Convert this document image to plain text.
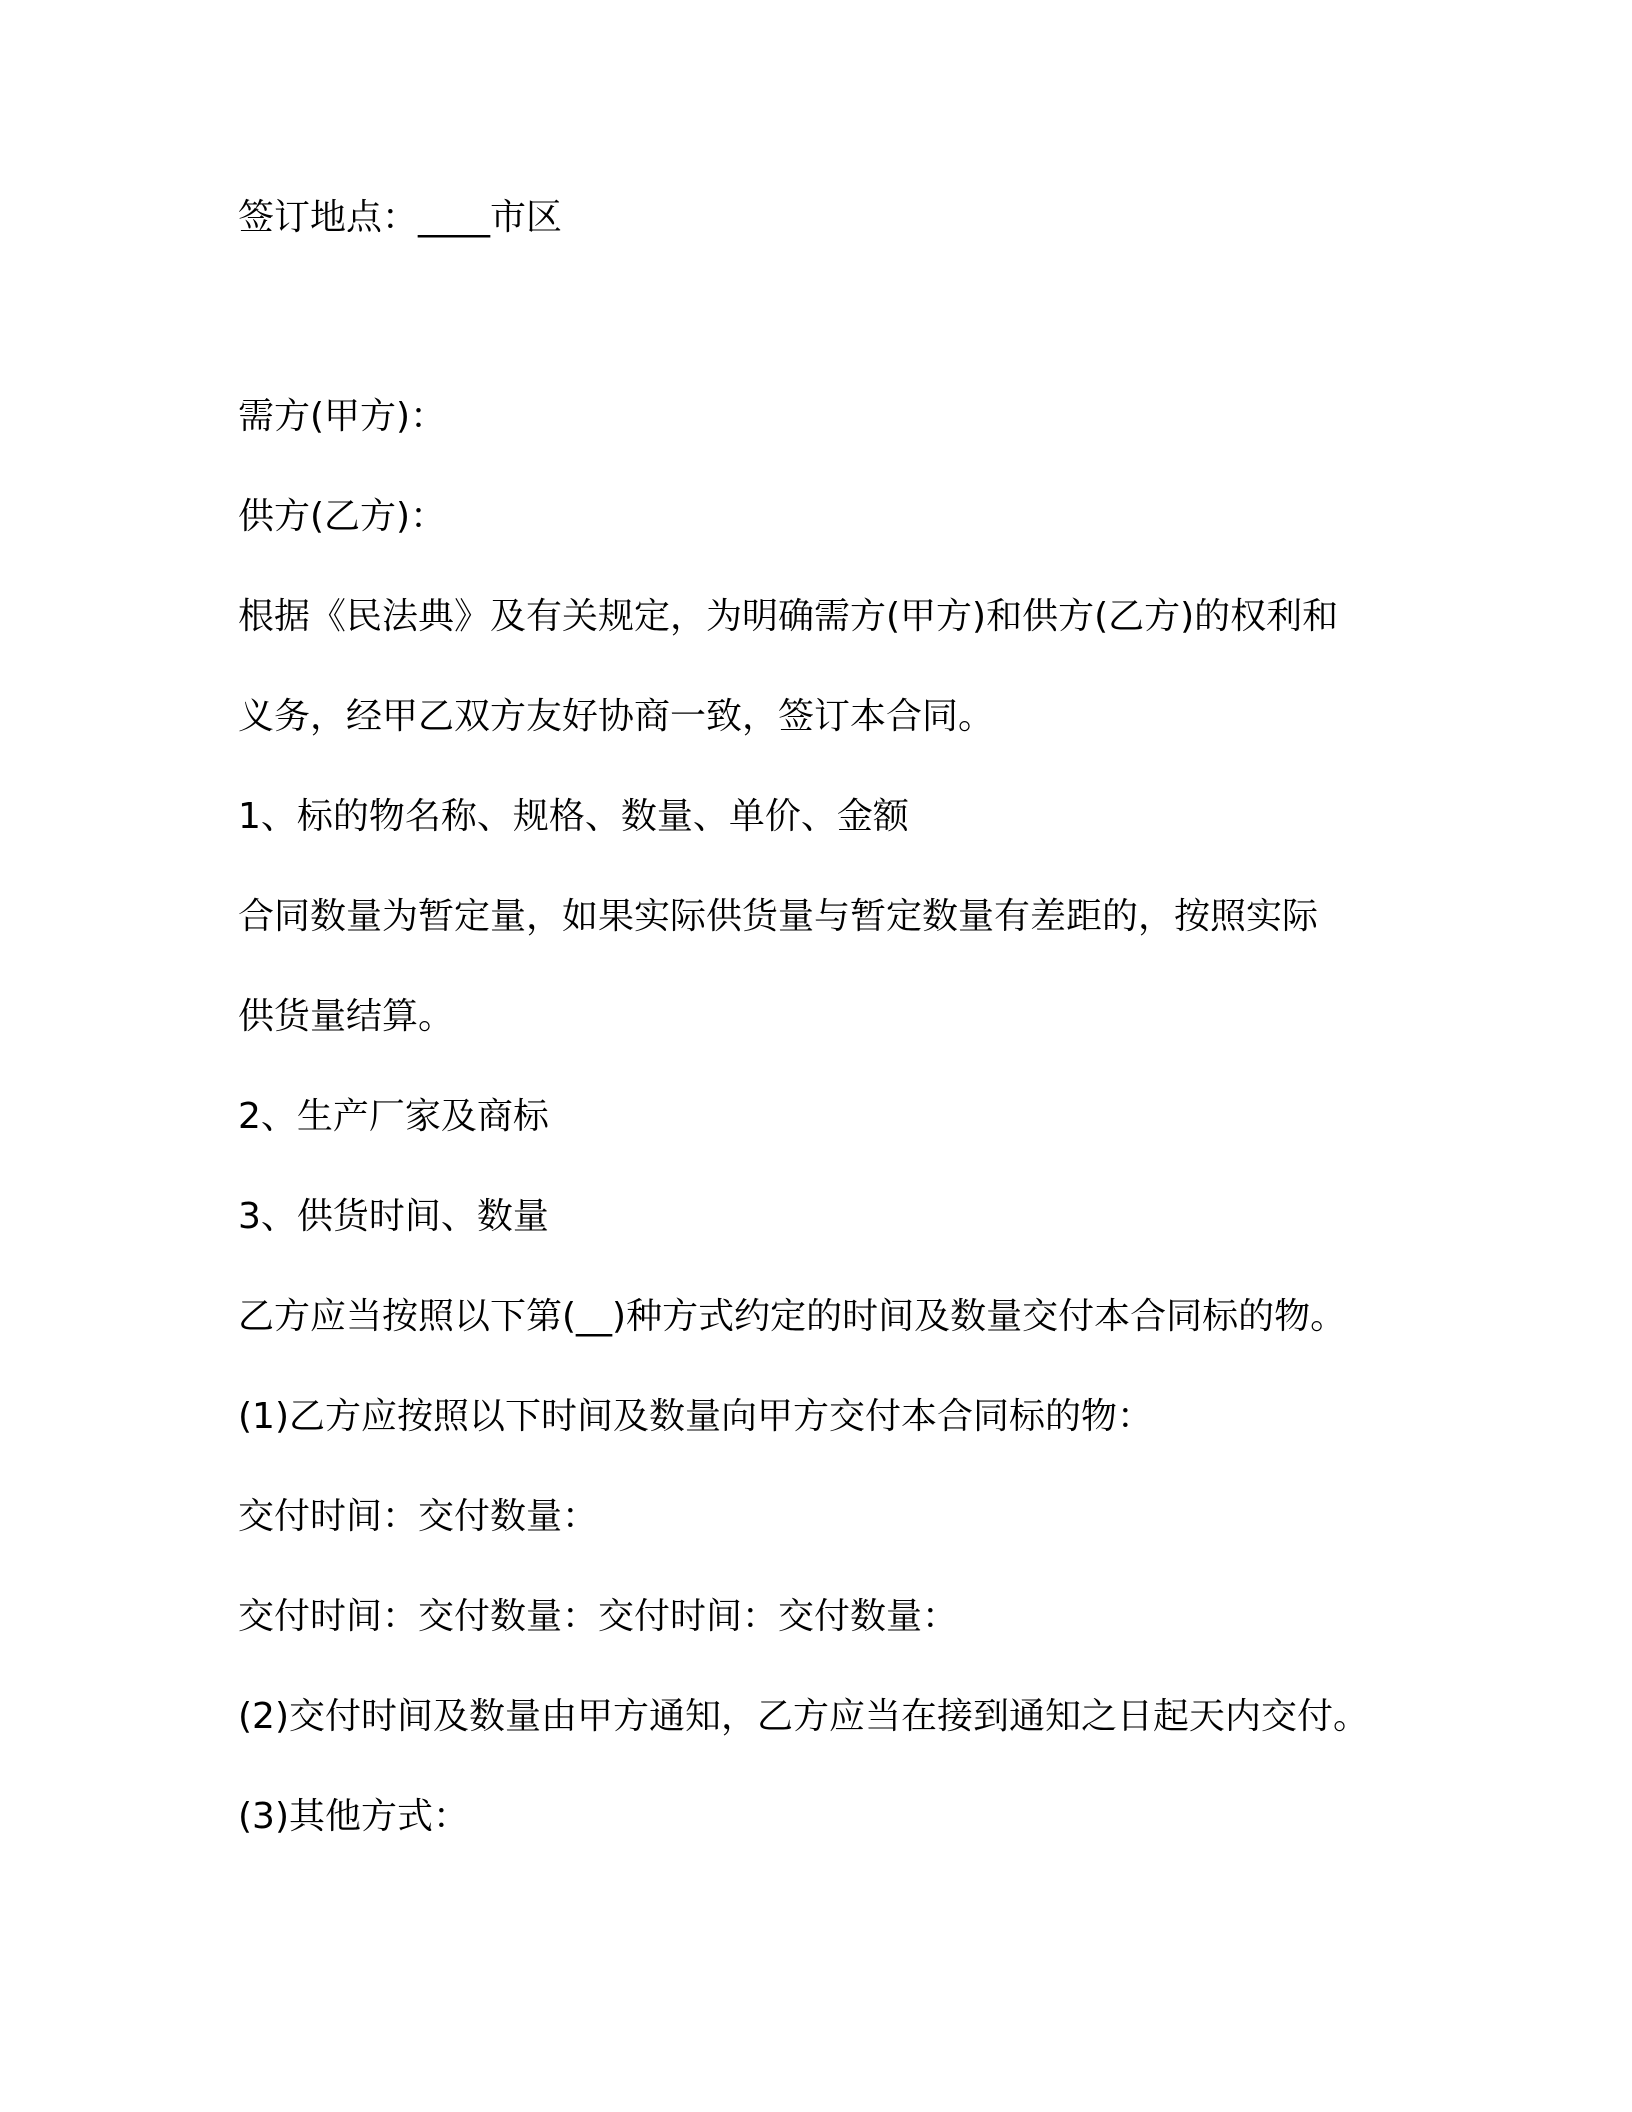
签订地点：____市区
需方(甲方)：
供方(乙方)：
根据《民法典》及有关规定，为明确需方(甲方)和供方(乙方)的权利和
义务，经甲乙双方友好协商一致，签订本合同。
1、标的物名称、规格、数量、单价、金额
合同数量为暂定量，如果实际供货量与暂定数量有差距的，按照实际
供货量结算。
2、生产厂家及商标
3、供货时间、数量
乙方应当按照以下第(__)种方式约定的时间及数量交付本合同标的物。
(1)乙方应按照以下时间及数量向甲方交付本合同标的物：
交付时间：交付数量：
交付时间：交付数量：交付时间：交付数量：
(2)交付时间及数量由甲方通知，乙方应当在接到通知之日起天内交付。
(3)其他方式：
